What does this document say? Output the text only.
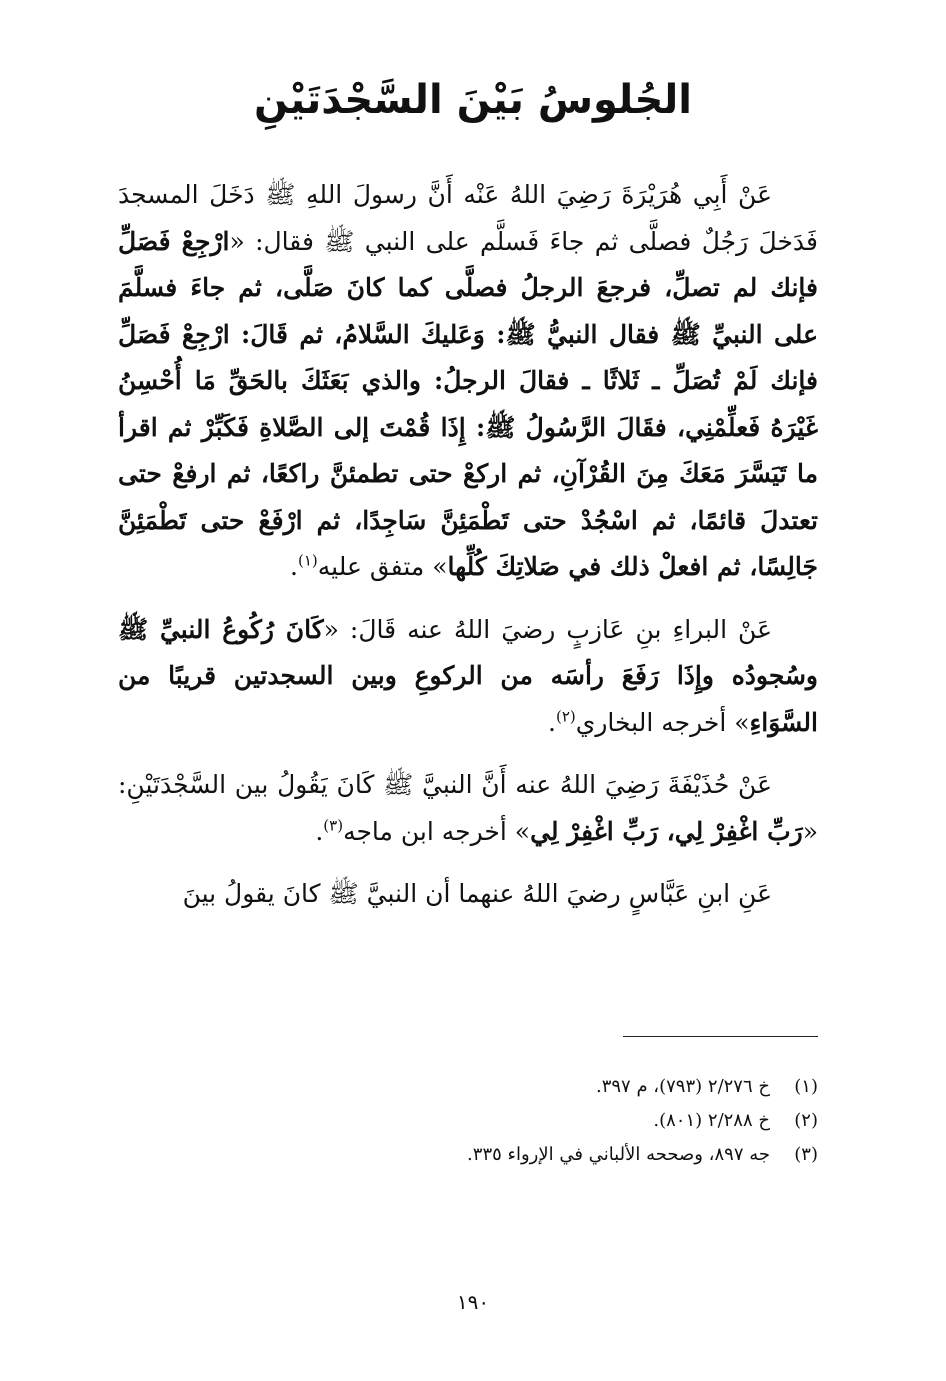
الجُلوسُ بَيْنَ السَّجْدَتَيْنِ

عَنْ أَبِي هُرَيْرَةَ رَضِيَ اللهُ عَنْه أَنَّ رسولَ اللهِ ﷺ دَخَلَ المسجدَ فَدَخلَ رَجُلٌ فصلَّى ثم جاءَ فَسلَّم على النبي ﷺ فقال: «ارْجِعْ فَصَلِّ فإنك لم تصلِّ، فرجعَ الرجلُ فصلَّى كما كانَ صَلَّى، ثم جاءَ فسلَّمَ على النبيِّ ﷺ فقال النبيُّ ﷺ: وَعَليكَ السَّلامُ، ثم قَالَ: ارْجِعْ فَصَلِّ فإنك لَمْ تُصَلِّ ـ ثَلاثًا ـ فقالَ الرجلُ: والذي بَعَثَكَ بالحَقِّ مَا أُحْسِنُ غَيْرَهُ فَعلِّمْنِي، فقَالَ الرَّسُولُ ﷺ: إِذَا قُمْتَ إلى الصَّلاةِ فَكَبِّرْ ثم اقرأ ما تَيَسَّرَ مَعَكَ مِنَ القُرْآنِ، ثم اركعْ حتى تطمئنَّ راكعًا، ثم ارفعْ حتى تعتدلَ قائمًا، ثم اسْجُدْ حتى تَطْمَئِنَّ سَاجِدًا، ثم ارْفَعْ حتى تَطْمَئِنَّ جَالِسًا، ثم افعلْ ذلك في صَلاتِكَ كُلِّها» متفق عليه$^{(١)}$.

عَنْ البراءِ بنِ عَازبٍ رضيَ اللهُ عنه قَالَ: «كَانَ رُكُوعُ النبيِّ ﷺ وسُجودُه وإِذَا رَفَعَ رأسَه من الركوعِ وبين السجدتين قريبًا من السَّوَاءِ» أخرجه البخاري$^{(٢)}$.

عَنْ حُذَيْفَةَ رَضِيَ اللهُ عنه أَنَّ النبيَّ ﷺ كَانَ يَقُولُ بين السَّجْدَتَيْنِ: «رَبِّ اغْفِرْ لِي، رَبِّ اغْفِرْ لِي» أخرجه ابن ماجه$^{(٣)}$.

عَنِ ابنِ عَبَّاسٍ رضيَ اللهُ عنهما أن النبيَّ ﷺ كانَ يقولُ بينَ

(١)
خ ٢/٢٧٦ (٧٩٣)، م ٣٩٧.
(٢)
خ ٢/٢٨٨ (٨٠١).
(٣)
جه ٨٩٧، وصححه الألباني في الإرواء ٣٣٥.
١٩٠
